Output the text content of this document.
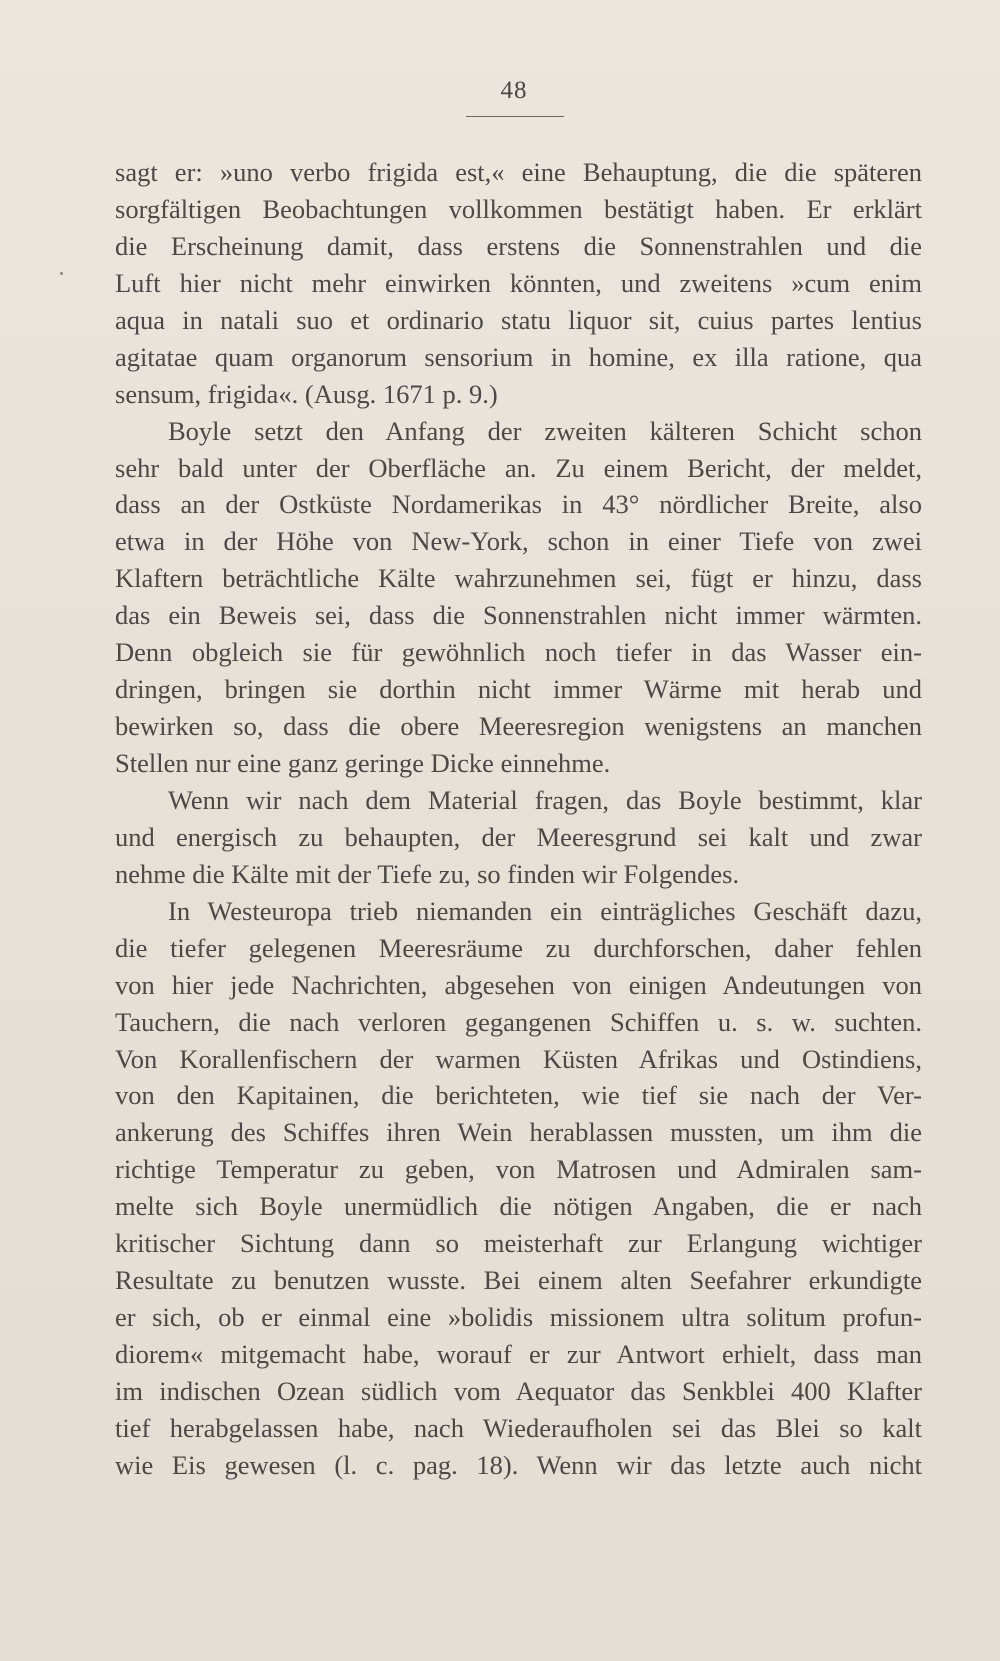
48
sagt er: »uno verbo frigida est,« eine Behauptung, die die späteren
sorgfältigen Beobachtungen vollkommen bestätigt haben. Er erklärt
die Erscheinung damit, dass erstens die Sonnenstrahlen und die
Luft hier nicht mehr einwirken könnten, und zweitens »cum enim
aqua in natali suo et ordinario statu liquor sit, cuius partes lentius
agitatae quam organorum sensorium in homine, ex illa ratione, qua
sensum, frigida«. (Ausg. 1671 p. 9.)
Boyle setzt den Anfang der zweiten kälteren Schicht schon
sehr bald unter der Oberfläche an. Zu einem Bericht, der meldet,
dass an der Ostküste Nordamerikas in 43° nördlicher Breite, also
etwa in der Höhe von New-York, schon in einer Tiefe von zwei
Klaftern beträchtliche Kälte wahrzunehmen sei, fügt er hinzu, dass
das ein Beweis sei, dass die Sonnenstrahlen nicht immer wärmten.
Denn obgleich sie für gewöhnlich noch tiefer in das Wasser ein-
dringen, bringen sie dorthin nicht immer Wärme mit herab und
bewirken so, dass die obere Meeresregion wenigstens an manchen
Stellen nur eine ganz geringe Dicke einnehme.
Wenn wir nach dem Material fragen, das Boyle bestimmt, klar
und energisch zu behaupten, der Meeresgrund sei kalt und zwar
nehme die Kälte mit der Tiefe zu, so finden wir Folgendes.
In Westeuropa trieb niemanden ein einträgliches Geschäft dazu,
die tiefer gelegenen Meeresräume zu durchforschen, daher fehlen
von hier jede Nachrichten, abgesehen von einigen Andeutungen von
Tauchern, die nach verloren gegangenen Schiffen u. s. w. suchten.
Von Korallenfischern der warmen Küsten Afrikas und Ostindiens,
von den Kapitainen, die berichteten, wie tief sie nach der Ver-
ankerung des Schiffes ihren Wein herablassen mussten, um ihm die
richtige Temperatur zu geben, von Matrosen und Admiralen sam-
melte sich Boyle unermüdlich die nötigen Angaben, die er nach
kritischer Sichtung dann so meisterhaft zur Erlangung wichtiger
Resultate zu benutzen wusste. Bei einem alten Seefahrer erkundigte
er sich, ob er einmal eine »bolidis missionem ultra solitum profun-
diorem« mitgemacht habe, worauf er zur Antwort erhielt, dass man
im indischen Ozean südlich vom Aequator das Senkblei 400 Klafter
tief herabgelassen habe, nach Wiederaufholen sei das Blei so kalt
wie Eis gewesen (l. c. pag. 18). Wenn wir das letzte auch nicht
